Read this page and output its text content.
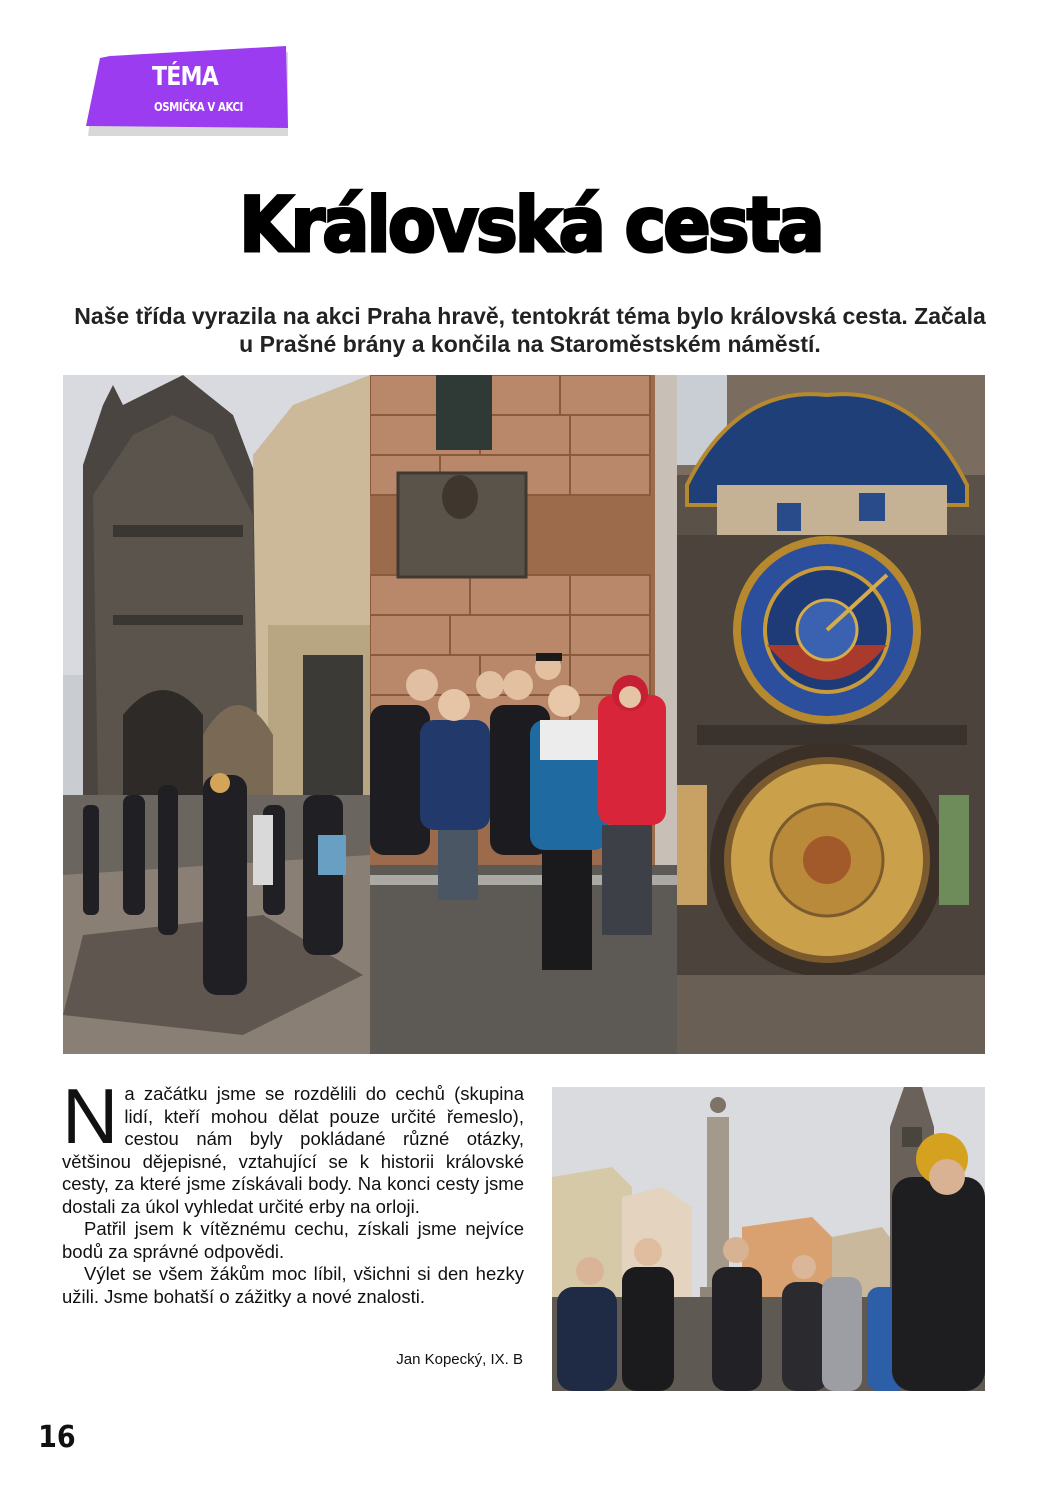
TÉMA
OSMIČKA V AKCI
Královská cesta
Naše třída vyrazila na akci Praha hravě, tentokrát téma bylo královská cesta. Začala u Prašné brány a končila na Staroměstském náměstí.
N a začátku jsme se rozdělili do cechů (skupina lidí, kteří mohou dělat pouze určité řemeslo), cestou nám byly pokládané různé otázky, většinou dějepisné, vztahující se k historii královské cesty, za které jsme získávali body. Na konci cesty jsme dostali za úkol vyhledat určité erby na orloji.

Patřil jsem k vítěznému cechu, získali jsme nejvíce bodů za správné odpovědi.

Výlet se všem žákům moc líbil, všichni si den hezky užili. Jsme bohatší o zážitky a nové znalosti.

Jan Kopecký, IX. B
16
